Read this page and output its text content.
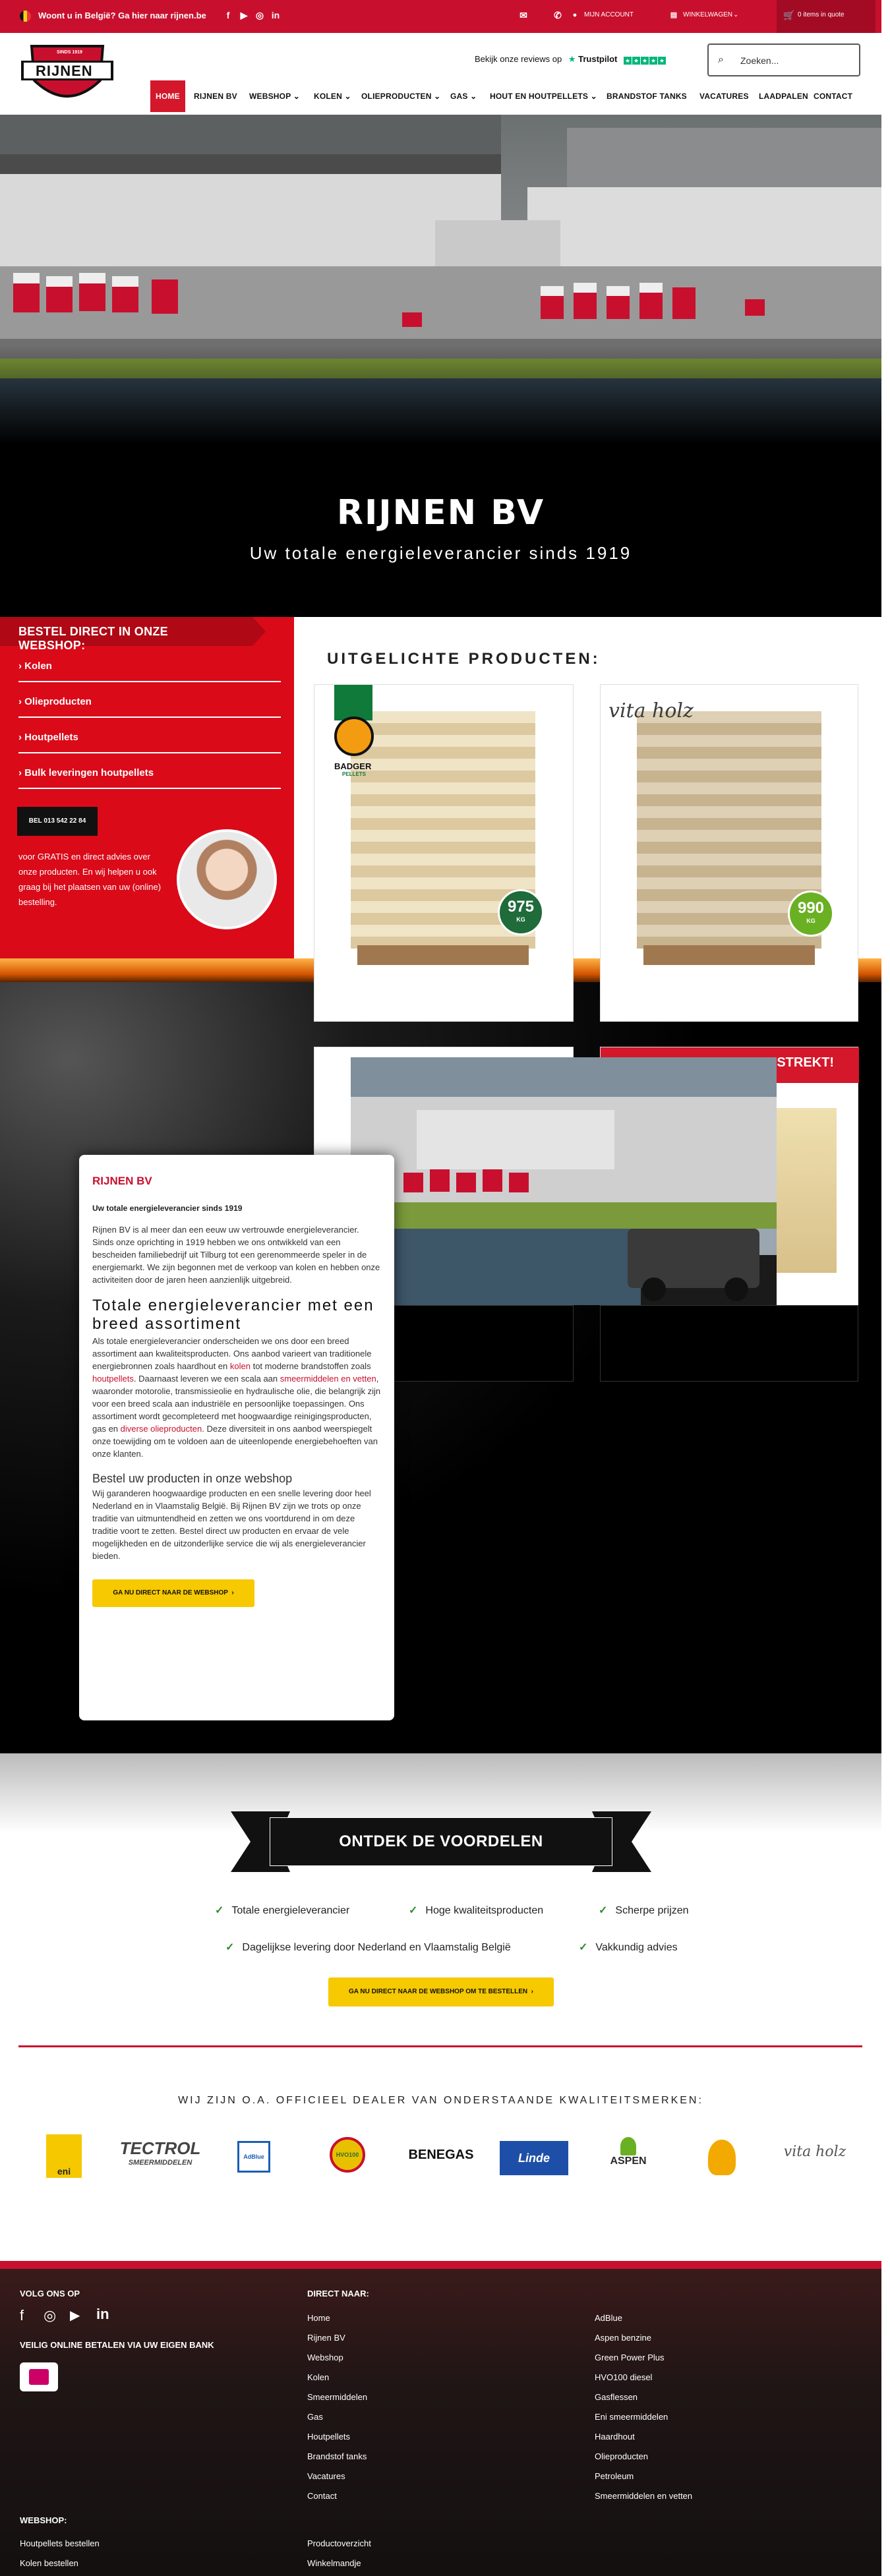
Woont u in België? Ga hier naar rijnen.be	f	▶ ◎ in	✉	✆	●	MIJN ACCOUNT	▤ WINKELWAGEN ⌄	🛒 0 items in quote
SINDS 1919
RIJNEN
Bekijk onze reviews op ★ Trustpilot ★ ★ ★ ★ ★	⌕ Zoeken...
HOME	RIJNEN BV	WEBSHOP ⌄	KOLEN ⌄	OLIEPRODUCTEN ⌄	GAS ⌄	HOUT EN HOUTPELLETS ⌄	BRANDSTOF TANKS	VACATURES	LAADPALEN CONTACT
RIJNEN BV
Uw totale energieleverancier sinds 1919
UITGELICHTE PRODUCTEN:
BADGER
PELLETS
975
KG
vita holz
990
KG
STREKT!
BESTEL DIRECT IN ONZE WEBSHOP:
› Kolen
› Olieproducten
› Houtpellets
› Bulk leveringen houtpellets
BEL 013 542 22 84
voor GRATIS en direct advies over onze producten. En wij helpen u ook graag bij het plaatsen van uw (online) bestelling.
RIJNEN BV
Uw totale energieleverancier sinds 1919

Rijnen BV is al meer dan een eeuw uw vertrouwde energieleverancier. Sinds onze oprichting in 1919 hebben we ons ontwikkeld van een bescheiden familiebedrijf uit Tilburg tot een gerenommeerde speler in de energiemarkt. We zijn begonnen met de verkoop van kolen en hebben onze activiteiten door de jaren heen aanzienlijk uitgebreid.

Totale energieleverancier met een breed assortiment

Als totale energieleverancier onderscheiden we ons door een breed assortiment aan kwaliteitsproducten. Ons aanbod varieert van traditionele energiebronnen zoals haardhout en kolen tot moderne brandstoffen zoals houtpellets. Daarnaast leveren we een scala aan smeermiddelen en vetten, waaronder motorolie, transmissieolie en hydraulische olie, die belangrijk zijn voor een breed scala aan industriële en persoonlijke toepassingen. Ons assortiment wordt gecompleteerd met hoogwaardige reinigingsproducten, gas en diverse olieproducten. Deze diversiteit in ons aanbod weerspiegelt onze toewijding om te voldoen aan de uiteenlopende energiebehoeften van onze klanten.

Bestel uw producten in onze webshop

Wij garanderen hoogwaardige producten en een snelle levering door heel Nederland en in Vlaamstalig België. Bij Rijnen BV zijn we trots op onze traditie van uitmuntendheid en zetten we ons voortdurend in om deze traditie voort te zetten. Bestel direct uw producten en ervaar de vele mogelijkheden en de uitzonderlijke service die wij als energieleverancier bieden.

GA NU DIRECT NAAR DE WEBSHOP  ›
ONTDEK DE VOORDELEN
✓ Totale energieleverancier	✓ Hoge kwaliteitsproducten	✓ Scherpe prijzen
✓ Dagelijkse levering door Nederland en Vlaamstalig België	✓ Vakkundig advies
GA NU DIRECT NAAR DE WEBSHOP OM TE BESTELLEN  ›
WIJ ZIJN O.A. OFFICIEEL DEALER VAN ONDERSTAANDE KWALITEITSMERKEN:
eni
TECTROL
SMEERMIDDELEN
AdBlue	HVO100	BENEGAS	Linde	ASPEN
vita holz
VOLG ONS OP
f ◎ ▶ in
VEILIG ONLINE BETALEN VIA UW EIGEN BANK
DIRECT NAAR:
Home
Rijnen BV
Webshop
Kolen
Smeermiddelen
Gas
Houtpellets
Brandstof tanks
Vacatures
Contact
AdBlue
Aspen benzine
Green Power Plus
HVO100 diesel
Gasflessen
Eni smeermiddelen
Haardhout
Olieproducten
Petroleum
Smeermiddelen en vetten
WEBSHOP:
Houtpellets bestellen
Kolen bestellen
Productoverzicht
Winkelmandje
